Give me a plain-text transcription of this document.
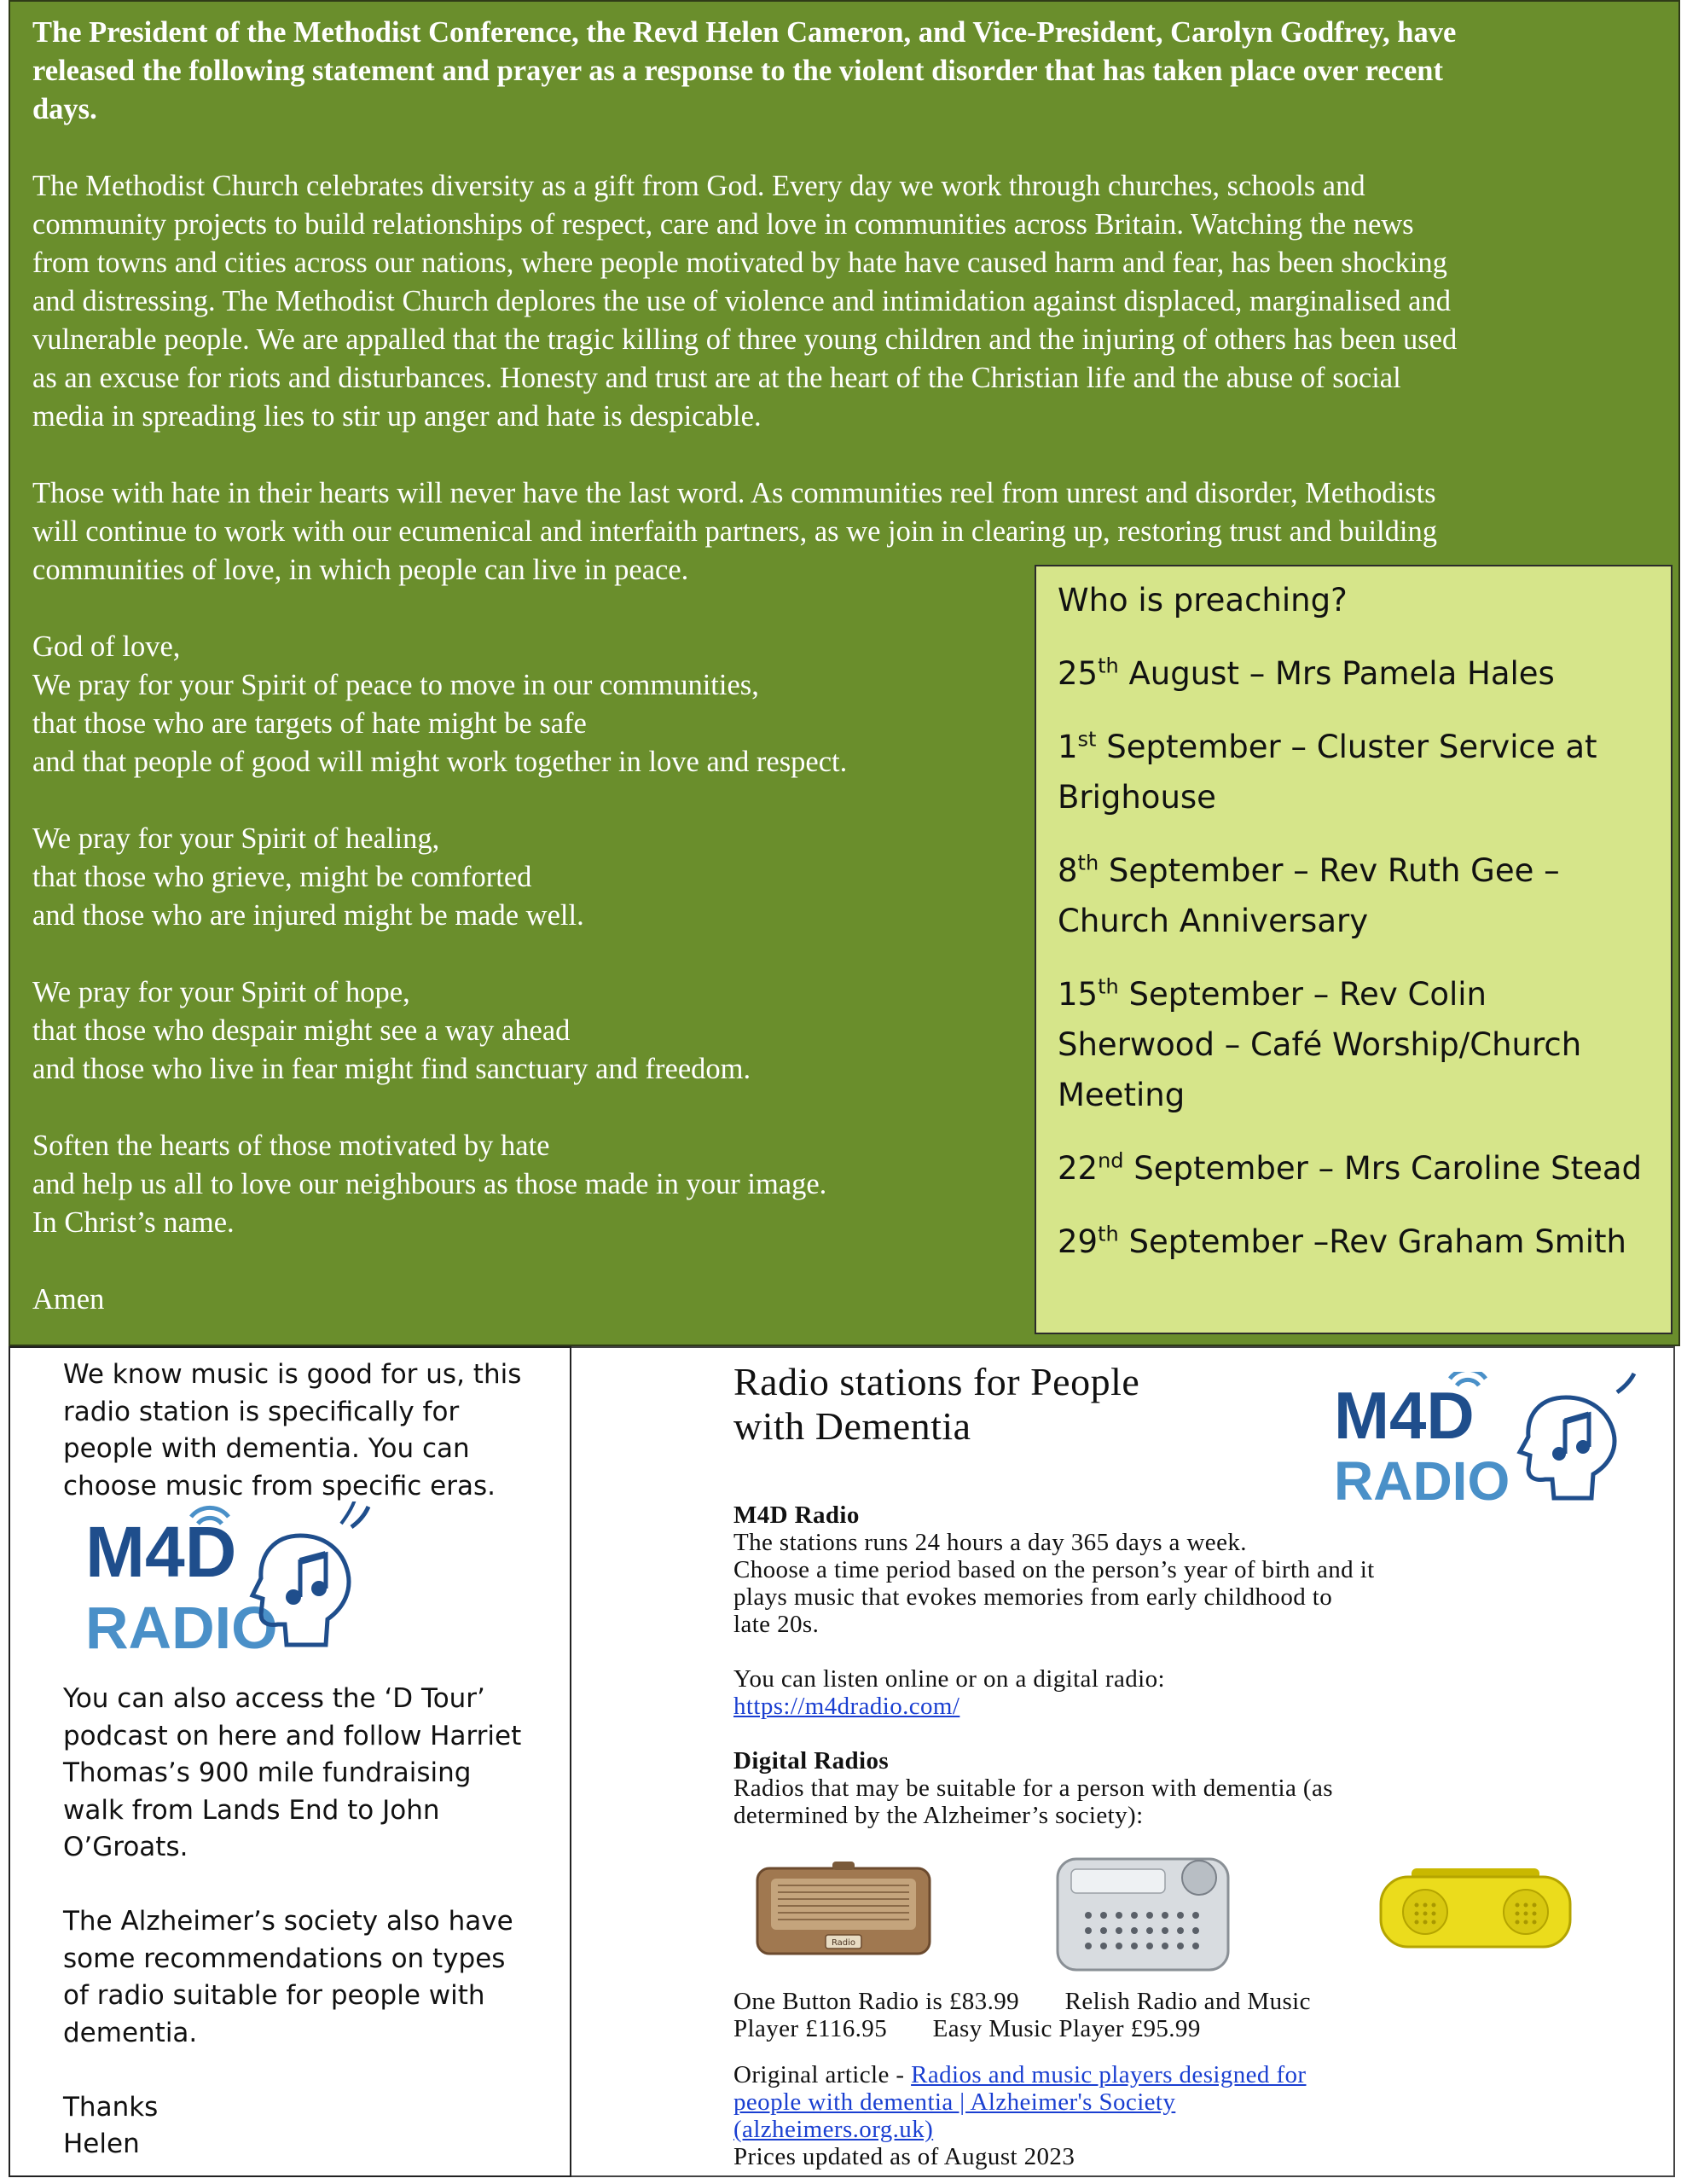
The President of the Methodist Conference, the Revd Helen Cameron, and Vice-President, Carolyn Godfrey, have
released the following statement and prayer as a response to the violent disorder that has taken place over recent
days.

The Methodist Church celebrates diversity as a gift from God. Every day we work through churches, schools and
community projects to build relationships of respect, care and love in communities across Britain. Watching the news
from towns and cities across our nations, where people motivated by hate have caused harm and fear, has been shocking
and distressing. The Methodist Church deplores the use of violence and intimidation against displaced, marginalised and
vulnerable people. We are appalled that the tragic killing of three young children and the injuring of others has been used
as an excuse for riots and disturbances. Honesty and trust are at the heart of the Christian life and the abuse of social
media in spreading lies to stir up anger and hate is despicable.

Those with hate in their hearts will never have the last word. As communities reel from unrest and disorder, Methodists
will continue to work with our ecumenical and interfaith partners, as we join in clearing up, restoring trust and building
communities of love, in which people can live in peace.

God of love,
We pray for your Spirit of peace to move in our communities,
that those who are targets of hate might be safe
and that people of good will might work together in love and respect.

We pray for your Spirit of healing,
that those who grieve, might be comforted
and those who are injured might be made well.

We pray for your Spirit of hope,
that those who despair might see a way ahead
and those who live in fear might find sanctuary and freedom.

Soften the hearts of those motivated by hate
and help us all to love our neighbours as those made in your image.
In Christ’s name.

Amen

Who is preaching?
25th August – Mrs Pamela Hales
1st September – Cluster Service at Brighouse
8th September – Rev Ruth Gee – Church Anniversary
15th September – Rev Colin Sherwood – Café Worship/Church Meeting
22nd September – Mrs Caroline Stead
29th September –Rev Graham Smith

We know music is good for us, this

radio station is specifically for

people with dementia. You can

choose music from specific eras.

You can also access the ‘D Tour’

podcast on here and follow Harriet

Thomas’s 900 mile fundraising

walk from Lands End to John

O’Groats.

The Alzheimer’s society also have

some recommendations on types

of radio suitable for people with

dementia.

Thanks

Helen

M4D
RADIO
Radio stations for People
with Dementia	M4D
RADIO

M4D Radio

The stations runs 24 hours a day 365 days a week.

Choose a time period based on the person’s year of birth and it

plays music that evokes memories from early childhood to

late 20s.

You can listen online or on a digital radio:

https://m4dradio.com/

Digital Radios

Radios that may be suitable for a person with dementia (as

determined by the Alzheimer’s society):

One Button Radio is £83.99       Relish Radio and Music

Player £116.95       Easy Music Player £95.99

Original article - Radios and music players designed for

people with dementia | Alzheimer's Society

(alzheimers.org.uk)

Prices updated as of August 2023

Radio
